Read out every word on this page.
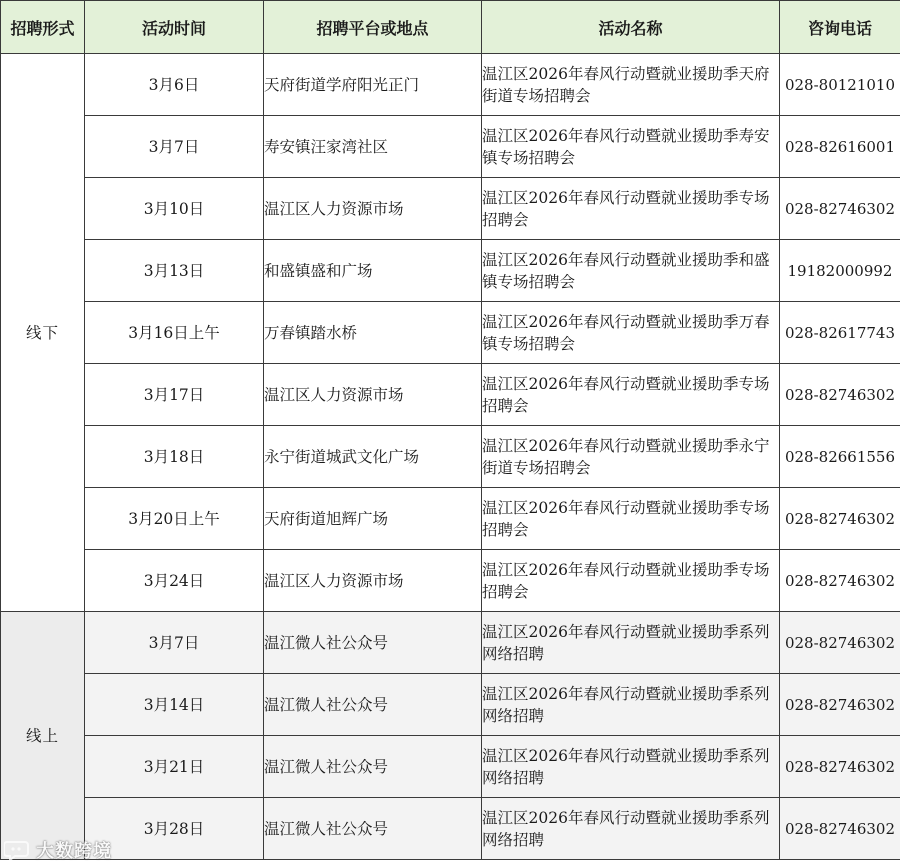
招聘形式	活动时间	招聘平台或地点	活动名称	咨询电话
线下	3月6日	天府街道学府阳光正门	温江区2026年春风行动暨就业援助季天府街道专场招聘会	028-80121010
	3月7日	寿安镇汪家湾社区	温江区2026年春风行动暨就业援助季寿安镇专场招聘会	028-82616001
	3月10日	温江区人力资源市场	温江区2026年春风行动暨就业援助季专场招聘会	028-82746302
	3月13日	和盛镇盛和广场	温江区2026年春风行动暨就业援助季和盛镇专场招聘会	19182000992
	3月16日上午	万春镇踏水桥	温江区2026年春风行动暨就业援助季万春镇专场招聘会	028-82617743
	3月17日	温江区人力资源市场	温江区2026年春风行动暨就业援助季专场招聘会	028-82746302
	3月18日	永宁街道城武文化广场	温江区2026年春风行动暨就业援助季永宁街道专场招聘会	028-82661556
	3月20日上午	天府街道旭辉广场	温江区2026年春风行动暨就业援助季专场招聘会	028-82746302
	3月24日	温江区人力资源市场	温江区2026年春风行动暨就业援助季专场招聘会	028-82746302
线上	3月7日	温江微人社公众号	温江区2026年春风行动暨就业援助季系列网络招聘	028-82746302
	3月14日	温江微人社公众号	温江区2026年春风行动暨就业援助季系列网络招聘	028-82746302
	3月21日	温江微人社公众号	温江区2026年春风行动暨就业援助季系列网络招聘	028-82746302
	3月28日	温江微人社公众号	温江区2026年春风行动暨就业援助季系列网络招聘	028-82746302
大数跨境
